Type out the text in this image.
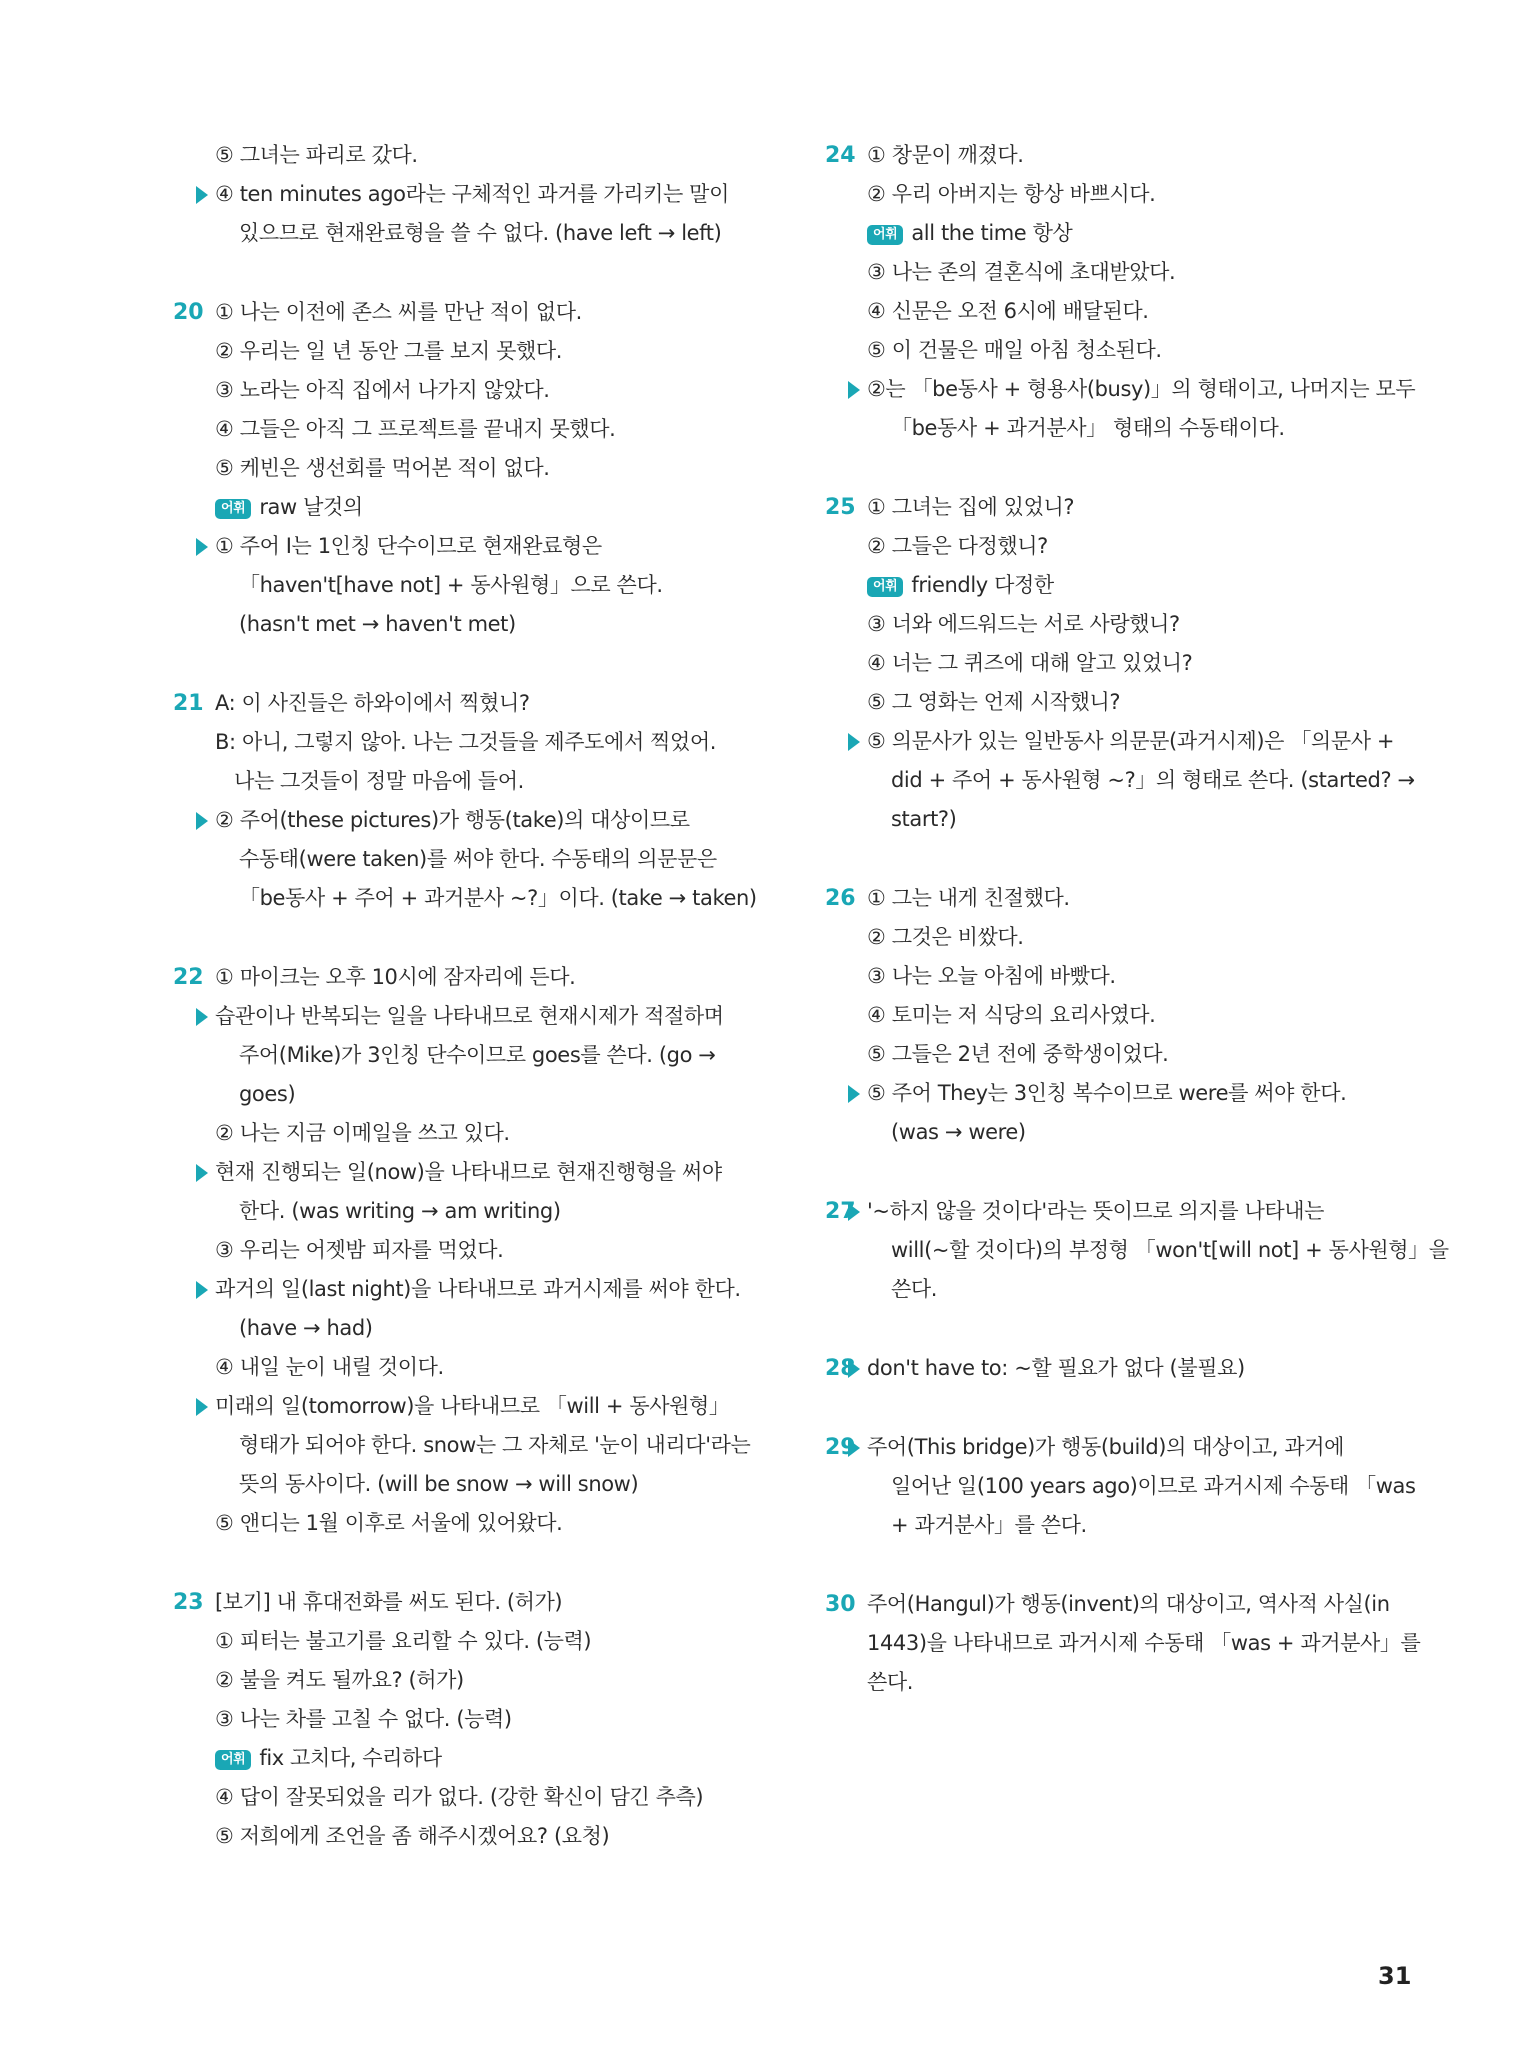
⑤ 그녀는 파리로 갔다.
④ ten minutes ago라는 구체적인 과거를 가리키는 말이
있으므로 현재완료형을 쓸 수 없다. (have left → left)
20 ① 나는 이전에 존스 씨를 만난 적이 없다.
② 우리는 일 년 동안 그를 보지 못했다.
③ 노라는 아직 집에서 나가지 않았다.
④ 그들은 아직 그 프로젝트를 끝내지 못했다.
⑤ 케빈은 생선회를 먹어본 적이 없다.
어휘 raw 날것의
① 주어 I는 1인칭 단수이므로 현재완료형은
「haven't[have not] + 동사원형」으로 쓴다.
(hasn't met → haven't met)
21 A: 이 사진들은 하와이에서 찍혔니?
B: 아니, 그렇지 않아. 나는 그것들을 제주도에서 찍었어.
나는 그것들이 정말 마음에 들어.
② 주어(these pictures)가 행동(take)의 대상이므로
수동태(were taken)를 써야 한다. 수동태의 의문문은
「be동사 + 주어 + 과거분사 ~?」이다. (take → taken)
22 ① 마이크는 오후 10시에 잠자리에 든다.
습관이나 반복되는 일을 나타내므로 현재시제가 적절하며
주어(Mike)가 3인칭 단수이므로 goes를 쓴다. (go →
goes)
② 나는 지금 이메일을 쓰고 있다.
현재 진행되는 일(now)을 나타내므로 현재진행형을 써야
한다. (was writing → am writing)
③ 우리는 어젯밤 피자를 먹었다.
과거의 일(last night)을 나타내므로 과거시제를 써야 한다.
(have → had)
④ 내일 눈이 내릴 것이다.
미래의 일(tomorrow)을 나타내므로 「will + 동사원형」
형태가 되어야 한다. snow는 그 자체로 '눈이 내리다'라는
뜻의 동사이다. (will be snow → will snow)
⑤ 앤디는 1월 이후로 서울에 있어왔다.
23 [보기] 내 휴대전화를 써도 된다. (허가)
① 피터는 불고기를 요리할 수 있다. (능력)
② 불을 켜도 될까요? (허가)
③ 나는 차를 고칠 수 없다. (능력)
어휘 fix 고치다, 수리하다
④ 답이 잘못되었을 리가 없다. (강한 확신이 담긴 추측)
⑤ 저희에게 조언을 좀 해주시겠어요? (요청)
24 ① 창문이 깨졌다.
② 우리 아버지는 항상 바쁘시다.
어휘 all the time 항상
③ 나는 존의 결혼식에 초대받았다.
④ 신문은 오전 6시에 배달된다.
⑤ 이 건물은 매일 아침 청소된다.
②는 「be동사 + 형용사(busy)」의 형태이고, 나머지는 모두
「be동사 + 과거분사」 형태의 수동태이다.
25 ① 그녀는 집에 있었니?
② 그들은 다정했니?
어휘 friendly 다정한
③ 너와 에드워드는 서로 사랑했니?
④ 너는 그 퀴즈에 대해 알고 있었니?
⑤ 그 영화는 언제 시작했니?
⑤ 의문사가 있는 일반동사 의문문(과거시제)은 「의문사 +
did + 주어 + 동사원형 ~?」의 형태로 쓴다. (started? →
start?)
26 ① 그는 내게 친절했다.
② 그것은 비쌌다.
③ 나는 오늘 아침에 바빴다.
④ 토미는 저 식당의 요리사였다.
⑤ 그들은 2년 전에 중학생이었다.
⑤ 주어 They는 3인칭 복수이므로 were를 써야 한다.
(was → were)
27 '~하지 않을 것이다'라는 뜻이므로 의지를 나타내는
will(~할 것이다)의 부정형 「won't[will not] + 동사원형」을
쓴다.
28 don't have to: ~할 필요가 없다 (불필요)
29 주어(This bridge)가 행동(build)의 대상이고, 과거에
일어난 일(100 years ago)이므로 과거시제 수동태 「was
+ 과거분사」를 쓴다.
30 주어(Hangul)가 행동(invent)의 대상이고, 역사적 사실(in
1443)을 나타내므로 과거시제 수동태 「was + 과거분사」를
쓴다.
31
